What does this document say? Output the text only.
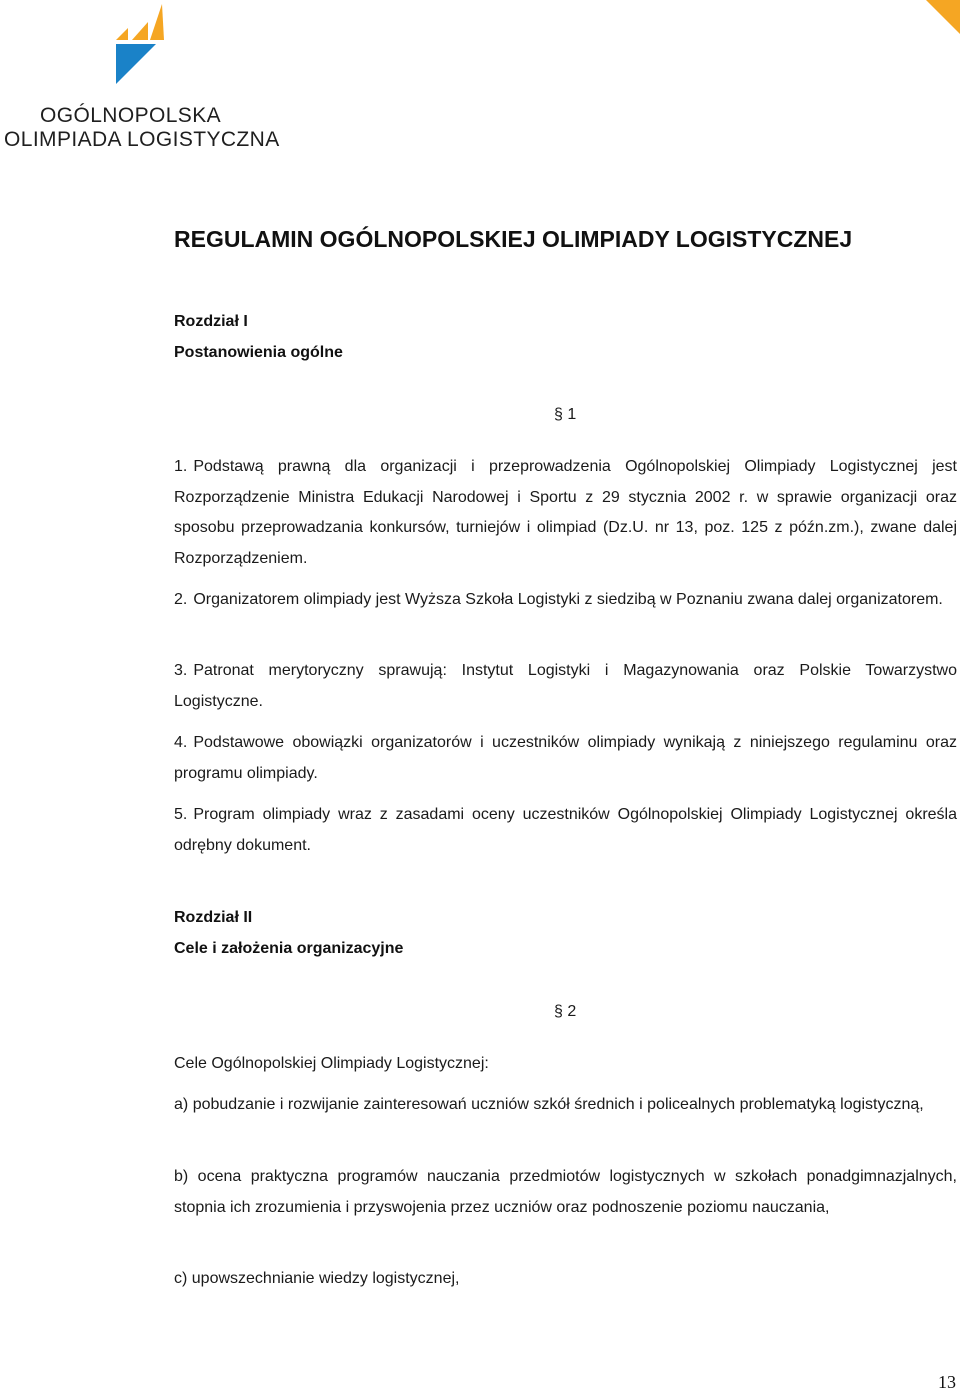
OGÓLNOPOLSKA
OLIMPIADA LOGISTYCZNA
REGULAMIN OGÓLNOPOLSKIEJ OLIMPIADY LOGISTYCZNEJ
Rozdział I
Postanowienia ogólne
§ 1
1. Podstawą prawną dla organizacji i przeprowadzenia Ogólnopolskiej Olimpiady Logistycznej jest Rozporządzenie Ministra Edukacji Narodowej i Sportu z 29 stycznia 2002 r. w sprawie organizacji oraz sposobu przeprowadzania konkursów, turniejów i olimpiad (Dz.U. nr 13, poz. 125 z późn.zm.), zwane dalej Rozporządzeniem.
2. Organizatorem olimpiady jest Wyższa Szkoła Logistyki z siedzibą w Poznaniu zwana dalej organizatorem.
3. Patronat merytoryczny sprawują: Instytut Logistyki i Magazynowania oraz Polskie Towarzystwo Logistyczne.
4. Podstawowe obowiązki organizatorów i uczestników olimpiady wynikają z niniejszego regulaminu oraz programu olimpiady.
5. Program olimpiady wraz z zasadami oceny uczestników Ogólnopolskiej Olimpiady Logistycznej określa odrębny dokument.
Rozdział II
Cele i założenia organizacyjne
§ 2
Cele Ogólnopolskiej Olimpiady Logistycznej:
a) pobudzanie i rozwijanie zainteresowań uczniów szkół średnich i policealnych problematyką logistyczną,
b) ocena praktyczna programów nauczania przedmiotów logistycznych w szkołach ponadgimnazjalnych, stopnia ich zrozumienia i przyswojenia przez uczniów oraz podnoszenie poziomu nauczania,
c) upowszechnianie wiedzy logistycznej,
13
